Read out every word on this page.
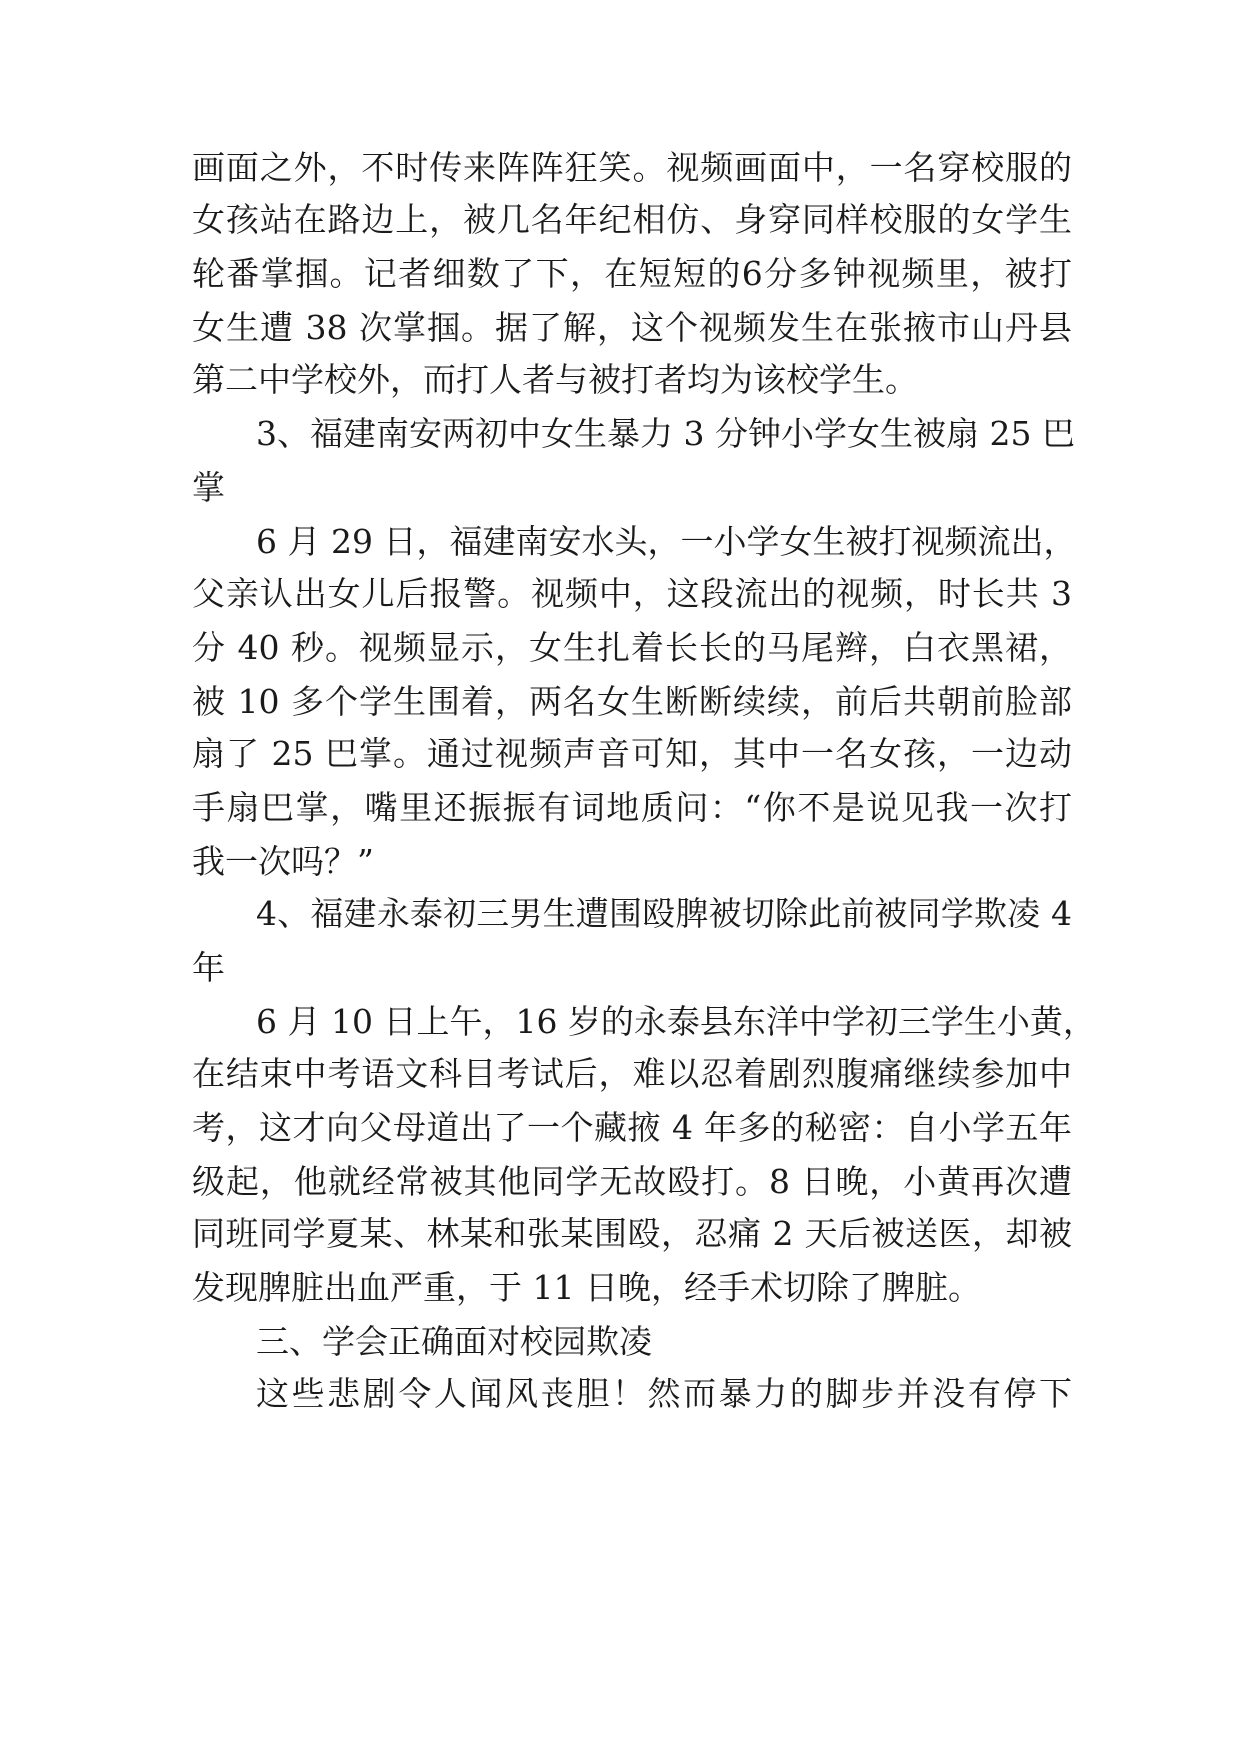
画面之外，不时传来阵阵狂笑。视频画面中，一名穿校服的
女孩站在路边上，被几名年纪相仿、身穿同样校服的女学生
轮番掌掴。记者细数了下，在短短的6分多钟视频里，被打
女生遭 38 次掌掴。据了解，这个视频发生在张掖市山丹县
第二中学校外，而打人者与被打者均为该校学生。
3、福建南安两初中女生暴力 3 分钟小学女生被扇 25 巴
掌
6 月 29 日，福建南安水头，一小学女生被打视频流出，
父亲认出女儿后报警。视频中，这段流出的视频，时长共 3
分 40 秒。视频显示，女生扎着长长的马尾辫，白衣黑裙，
被 10 多个学生围着，两名女生断断续续，前后共朝前脸部
扇了 25 巴掌。通过视频声音可知，其中一名女孩，一边动
手扇巴掌，嘴里还振振有词地质问：“你不是说见我一次打
我一次吗？”
4、福建永泰初三男生遭围殴脾被切除此前被同学欺凌 4
年
6 月 10 日上午，16 岁的永泰县东洋中学初三学生小黄，
在结束中考语文科目考试后，难以忍着剧烈腹痛继续参加中
考，这才向父母道出了一个藏掖 4 年多的秘密：自小学五年
级起，他就经常被其他同学无故殴打。8 日晚，小黄再次遭
同班同学夏某、林某和张某围殴，忍痛 2 天后被送医，却被
发现脾脏出血严重，于 11 日晚，经手术切除了脾脏。
三、学会正确面对校园欺凌
这些悲剧令人闻风丧胆！然而暴力的脚步并没有停下
